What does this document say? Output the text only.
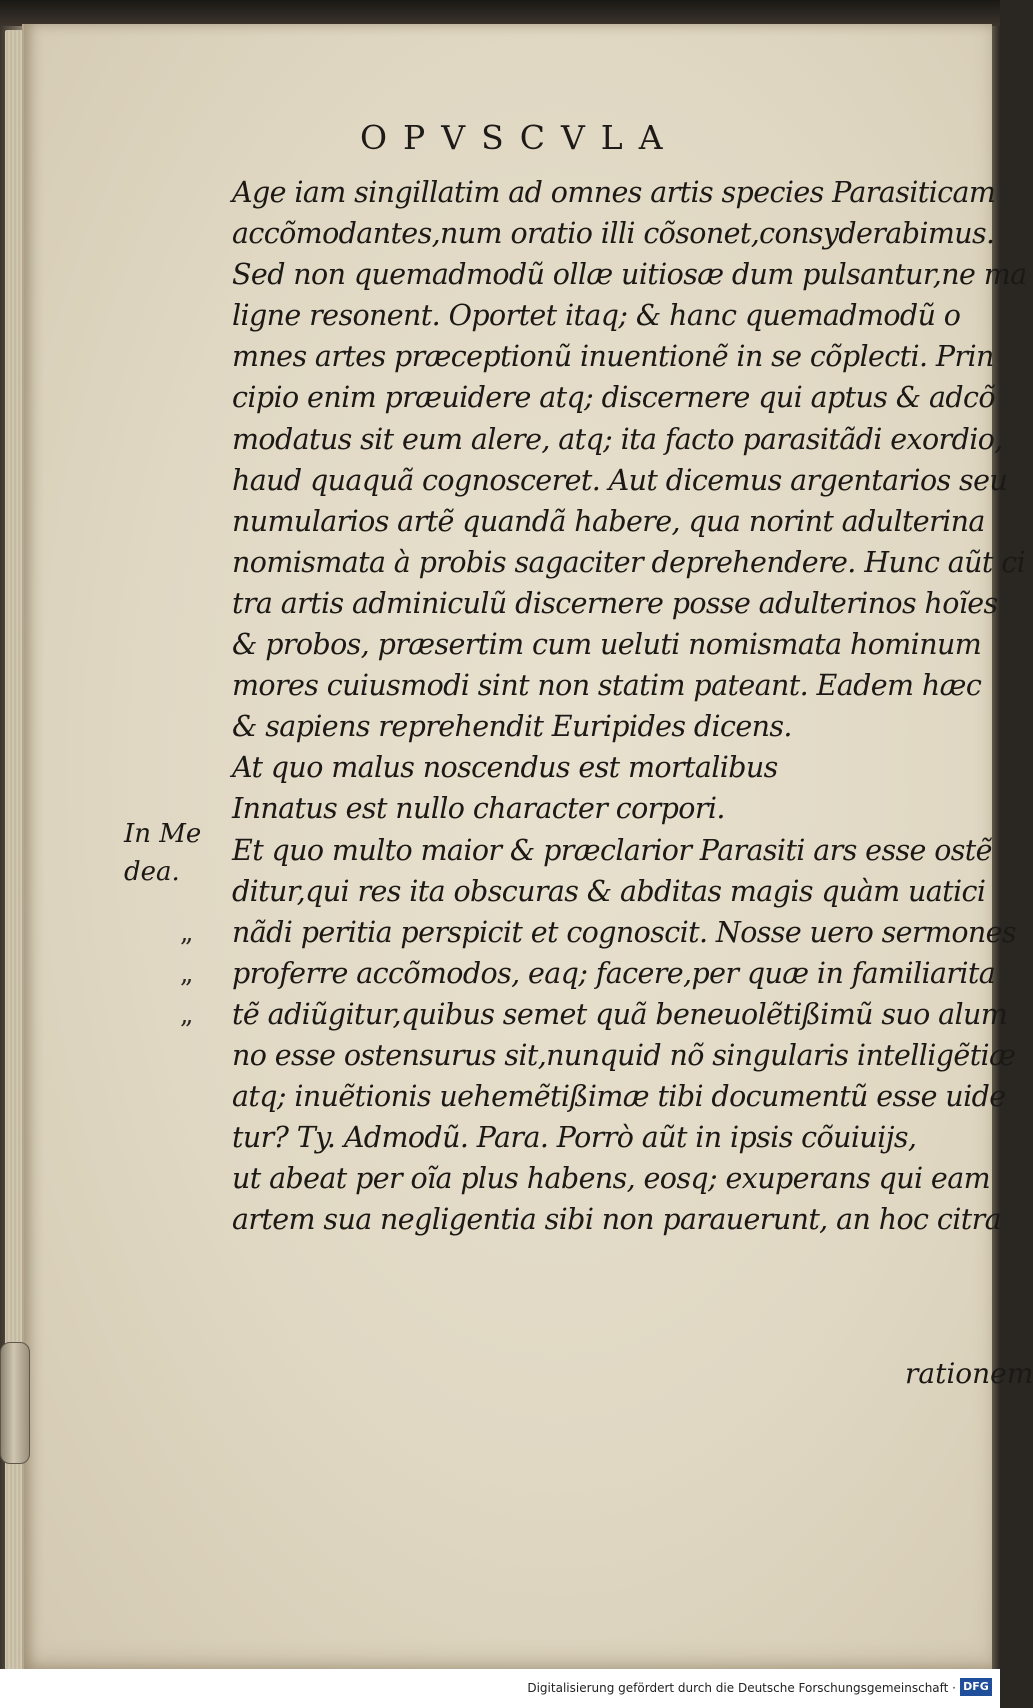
OPVSCVLA
Age iam singillatim ad omnes artis species Parasiticam
accõmodantes,num oratio illi cõsonet,consyderabimus.
Sed non quemadmodũ ollæ uitiosæ dum pulsantur,ne ma
ligne resonent. Oportet itaq; & hanc quemadmodũ o
mnes artes præceptionũ inuentionẽ in se cõplecti. Prin
cipio enim præuidere atq; discernere qui aptus & adcõ
modatus sit eum alere, atq; ita facto parasitãdi exordio,
haud quaquã cognosceret. Aut dicemus argentarios seu
numularios artẽ quandã habere, qua norint adulterina
nomismata à probis sagaciter deprehendere. Hunc aũt ci
tra artis adminiculũ discernere posse adulterinos hoĩes
& probos, præsertim cum ueluti nomismata hominum
mores cuiusmodi sint non statim pateant. Eadem hæc
& sapiens reprehendit Euripides dicens.
At quo malus noscendus est mortalibus
Innatus est nullo character corpori.
Et quo multo maior & præclarior Parasiti ars esse ostẽ
ditur,qui res ita obscuras & abditas magis quàm uatici
nãdi peritia perspicit et cognoscit. Nosse uero sermones
proferre accõmodos, eaq; facere,per quæ in familiarita
tẽ adiũgitur,quibus semet quã beneuolẽtißimũ suo alum
no esse ostensurus sit,nunquid nõ singularis intelligẽtiæ
atq; inuẽtionis uehemẽtißimæ tibi documentũ esse uide
tur? Ty. Admodũ. Para. Porrò aũt in ipsis cõuiuijs,
ut abeat per oĩa plus habens, eosq; exuperans qui eam
artem sua negligentia sibi non parauerunt, an hoc citra
rationem
In Me
dea.
„
„
„
Digitalisierung gefördert durch die Deutsche Forschungsgemeinschaft · DFG
